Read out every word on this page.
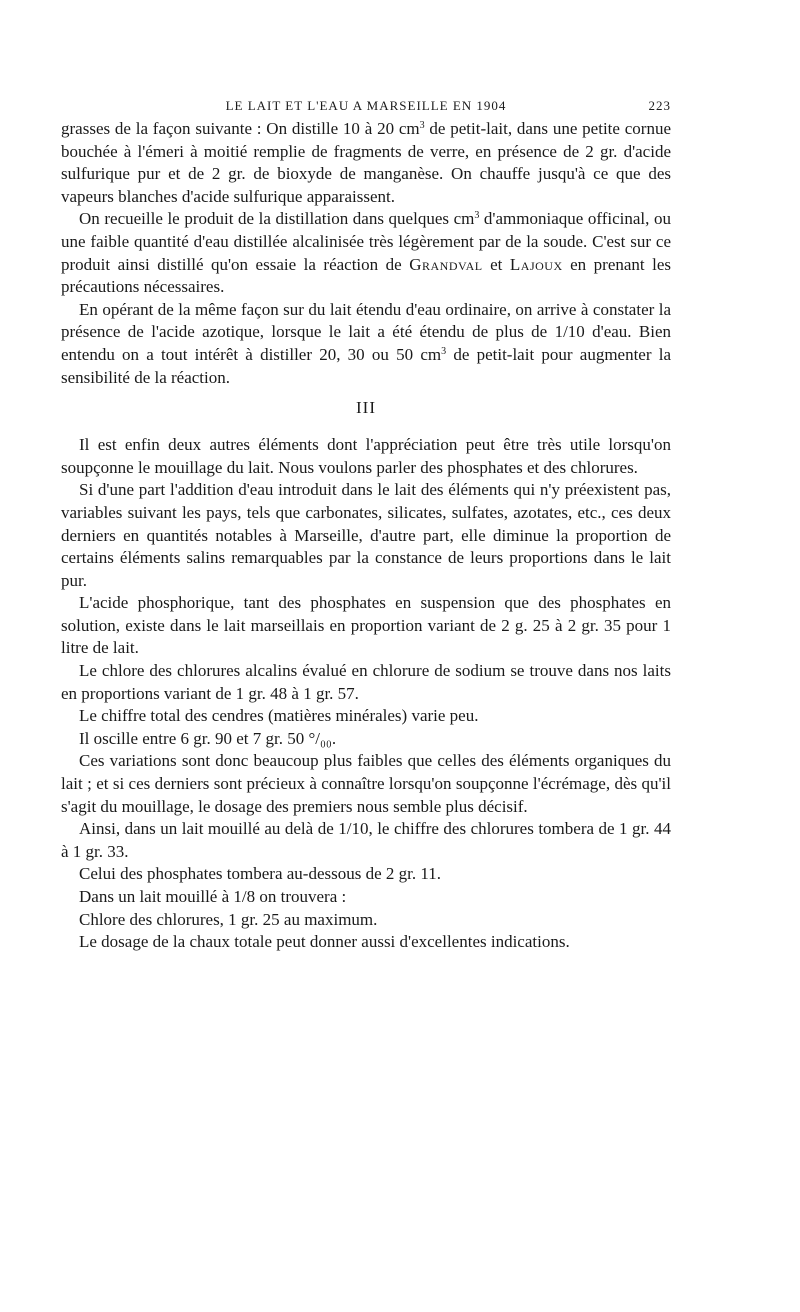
LE LAIT ET L'EAU A MARSEILLE EN 1904	223

grasses de la façon suivante : On distille 10 à 20 $cm^3$ de petit-lait, dans une petite cornue bouchée à l'émeri à moitié remplie de fragments de verre, en présence de 2 gr. d'acide sulfurique pur et de 2 gr. de bioxyde de manganèse. On chauffe jusqu'à ce que des vapeurs blanches d'acide sulfurique apparaissent.

On recueille le produit de la distillation dans quelques $cm^3$ d'ammoniaque officinal, ou une faible quantité d'eau distillée alcalinisée très légèrement par de la soude. C'est sur ce produit ainsi distillé qu'on essaie la réaction de Grandval et Lajoux en prenant les précautions nécessaires.

En opérant de la même façon sur du lait étendu d'eau ordinaire, on arrive à constater la présence de l'acide azotique, lorsque le lait a été étendu de plus de 1/10 d'eau. Bien entendu on a tout intérêt à distiller 20, 30 ou 50 $cm^3$ de petit-lait pour augmenter la sensibilité de la réaction.

III

Il est enfin deux autres éléments dont l'appréciation peut être très utile lorsqu'on soupçonne le mouillage du lait. Nous voulons parler des phosphates et des chlorures.

Si d'une part l'addition d'eau introduit dans le lait des éléments qui n'y préexistent pas, variables suivant les pays, tels que carbonates, silicates, sulfates, azotates, etc., ces deux derniers en quantités notables à Marseille, d'autre part, elle diminue la proportion de certains éléments salins remarquables par la constance de leurs proportions dans le lait pur.

L'acide phosphorique, tant des phosphates en suspension que des phosphates en solution, existe dans le lait marseillais en proportion variant de 2 g. 25 à 2 gr. 35 pour 1 litre de lait.

Le chlore des chlorures alcalins évalué en chlorure de sodium se trouve dans nos laits en proportions variant de 1 gr. 48 à 1 gr. 57.

Le chiffre total des cendres (matières minérales) varie peu.

Il oscille entre 6 gr. 90 et 7 gr. 50 °/₀₀.

Ces variations sont donc beaucoup plus faibles que celles des éléments organiques du lait ; et si ces derniers sont précieux à connaître lorsqu'on soupçonne l'écrémage, dès qu'il s'agit du mouillage, le dosage des premiers nous semble plus décisif.

Ainsi, dans un lait mouillé au delà de 1/10, le chiffre des chlorures tombera de 1 gr. 44 à 1 gr. 33.

Celui des phosphates tombera au-dessous de 2 gr. 11.

Dans un lait mouillé à 1/8 on trouvera :

Chlore des chlorures, 1 gr. 25 au maximum.

Le dosage de la chaux totale peut donner aussi d'excellentes indications.
